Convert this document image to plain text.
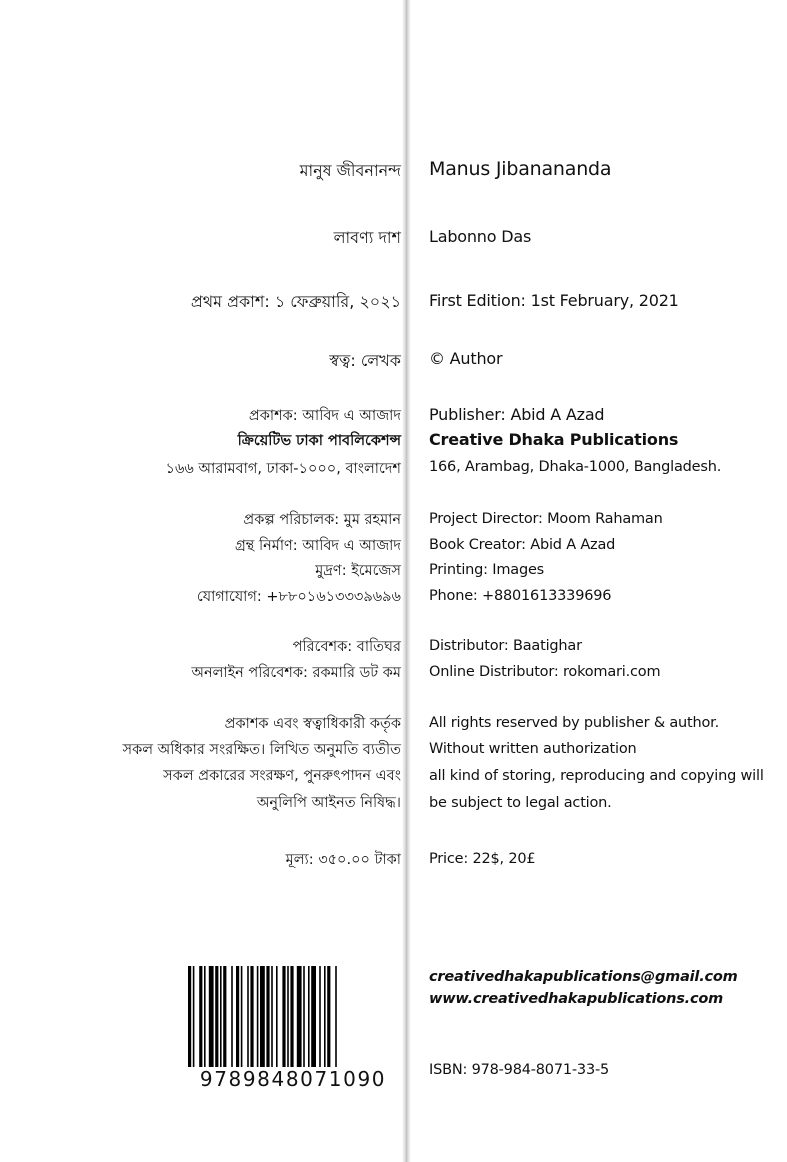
মানুষ জীবনানন্দ Manus Jibanananda
লাবণ্য দাশ Labonno Das
প্রথম প্রকাশ: ১ ফেব্রুয়ারি, ২০২১ First Edition: 1st February, 2021
স্বত্ব: লেখক © Author
প্রকাশক: আবিদ এ আজাদ
ক্রিয়েটিভ ঢাকা পাবলিকেশন্স
১৬৬ আরামবাগ, ঢাকা-১০০০, বাংলাদেশ
Publisher: Abid A Azad
Creative Dhaka Publications
166, Arambag, Dhaka-1000, Bangladesh.
প্রকল্প পরিচালক: মুম রহমান
গ্রন্থ নির্মাণ: আবিদ এ আজাদ
মুদ্রণ: ইমেজেস
যোগাযোগ: +৮৮০১৬১৩৩৩৯৬৯৬
Project Director: Moom Rahaman
Book Creator: Abid A Azad
Printing: Images
Phone: +8801613339696
পরিবেশক: বাতিঘর
অনলাইন পরিবেশক: রকমারি ডট কম
Distributor: Baatighar
Online Distributor: rokomari.com
প্রকাশক এবং স্বত্বাধিকারী কর্তৃক
সকল অধিকার সংরক্ষিত। লিখিত অনুমতি ব্যতীত
সকল প্রকারের সংরক্ষণ, পুনরুৎপাদন এবং
অনুলিপি আইনত নিষিদ্ধ।
All rights reserved by publisher & author.
Without written authorization
all kind of storing, reproducing and copying will
be subject to legal action.
মূল্য: ৩৫০.০০ টাকা Price: 22$, 20£
creativedhakapublications@gmail.com
www.creativedhakapublications.com
ISBN: 978-984-8071-33-5
9789848071090
